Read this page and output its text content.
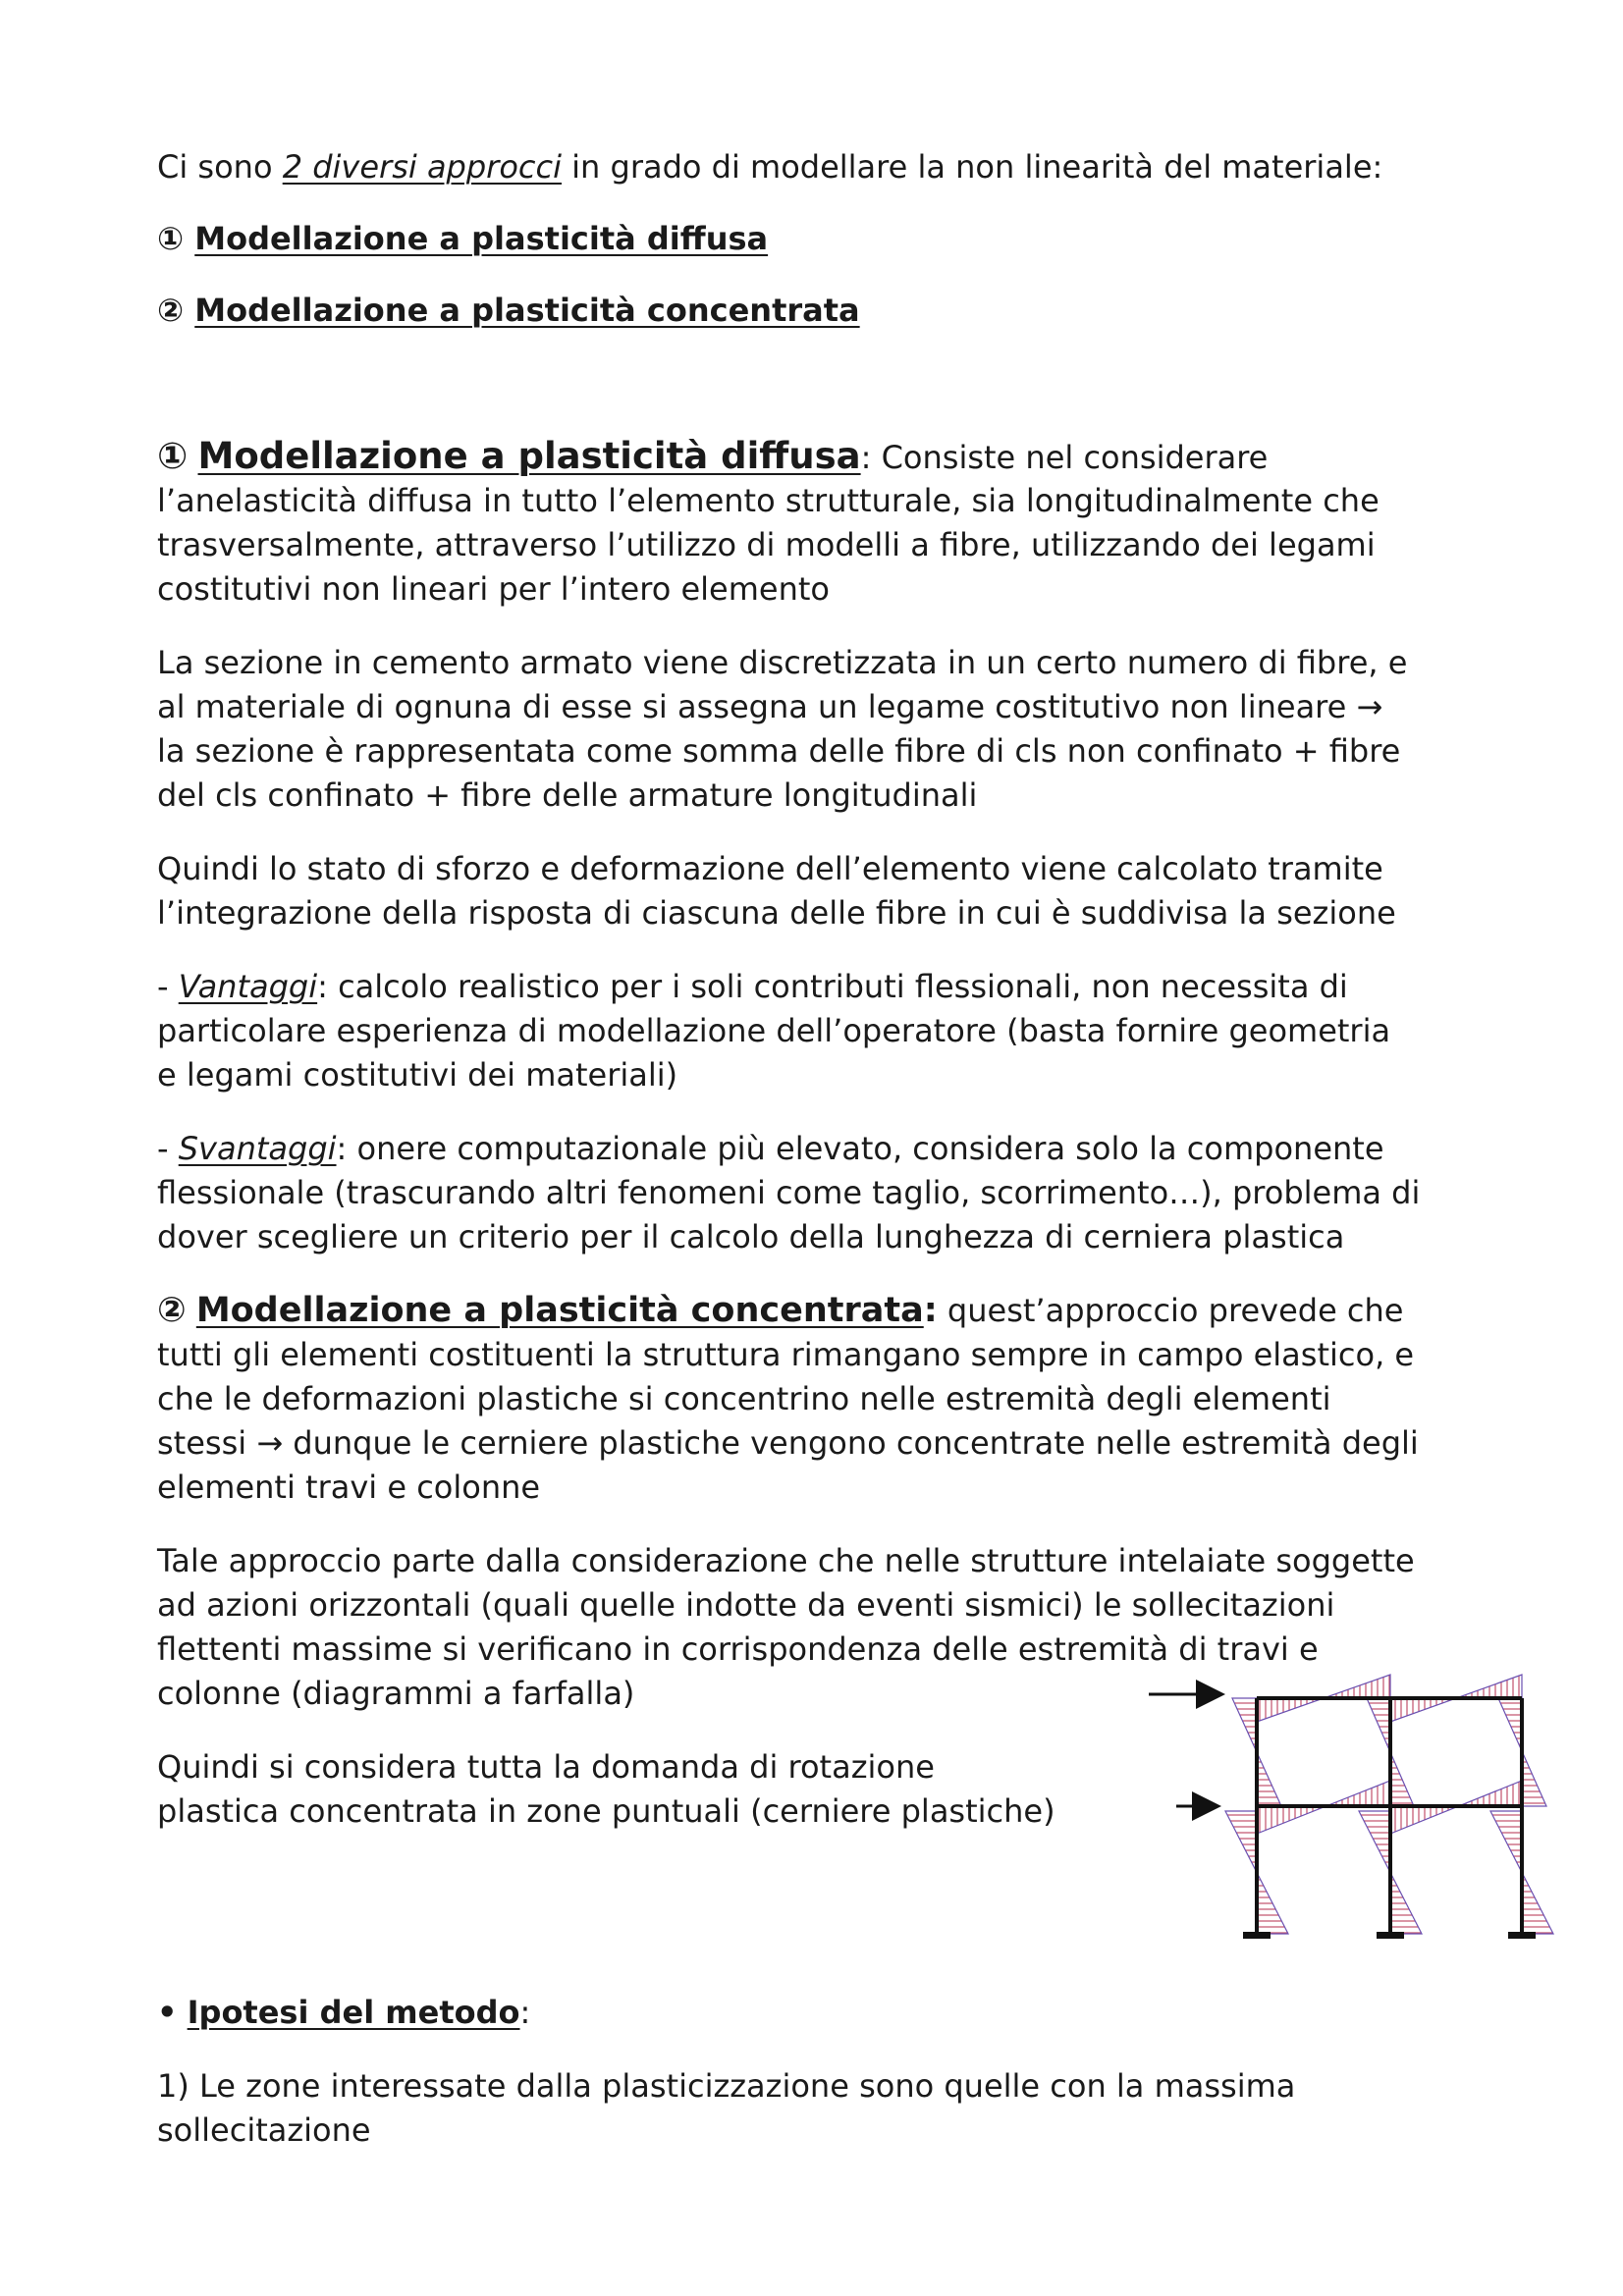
Ci sono 2 diversi approcci in grado di modellare la non linearità del materiale:
① Modellazione a plasticità diffusa
② Modellazione a plasticità concentrata
① Modellazione a plasticità diffusa: Consiste nel considerare
l’anelasticità diffusa in tutto l’elemento strutturale, sia longitudinalmente che
trasversalmente, attraverso l’utilizzo di modelli a fibre, utilizzando dei legami
costitutivi non lineari per l’intero elemento
La sezione in cemento armato viene discretizzata in un certo numero di fibre, e
al materiale di ognuna di esse si assegna un legame costitutivo non lineare →
la sezione è rappresentata come somma delle fibre di cls non confinato + fibre
del cls confinato + fibre delle armature longitudinali
Quindi lo stato di sforzo e deformazione dell’elemento viene calcolato tramite
l’integrazione della risposta di ciascuna delle fibre in cui è suddivisa la sezione
- Vantaggi: calcolo realistico per i soli contributi flessionali, non necessita di
particolare esperienza di modellazione dell’operatore (basta fornire geometria
e legami costitutivi dei materiali)
- Svantaggi: onere computazionale più elevato, considera solo la componente
flessionale (trascurando altri fenomeni come taglio, scorrimento…), problema di
dover scegliere un criterio per il calcolo della lunghezza di cerniera plastica
② Modellazione a plasticità concentrata: quest’approccio prevede che
tutti gli elementi costituenti la struttura rimangano sempre in campo elastico, e
che le deformazioni plastiche si concentrino nelle estremità degli elementi
stessi → dunque le cerniere plastiche vengono concentrate nelle estremità degli
elementi travi e colonne
Tale approccio parte dalla considerazione che nelle strutture intelaiate soggette
ad azioni orizzontali (quali quelle indotte da eventi sismici) le sollecitazioni
flettenti massime si verificano in corrispondenza delle estremità di travi e
colonne (diagrammi a farfalla)
Quindi si considera tutta la domanda di rotazione
plastica concentrata in zone puntuali (cerniere plastiche)
• Ipotesi del metodo:
1) Le zone interessate dalla plasticizzazione sono quelle con la massima
sollecitazione
